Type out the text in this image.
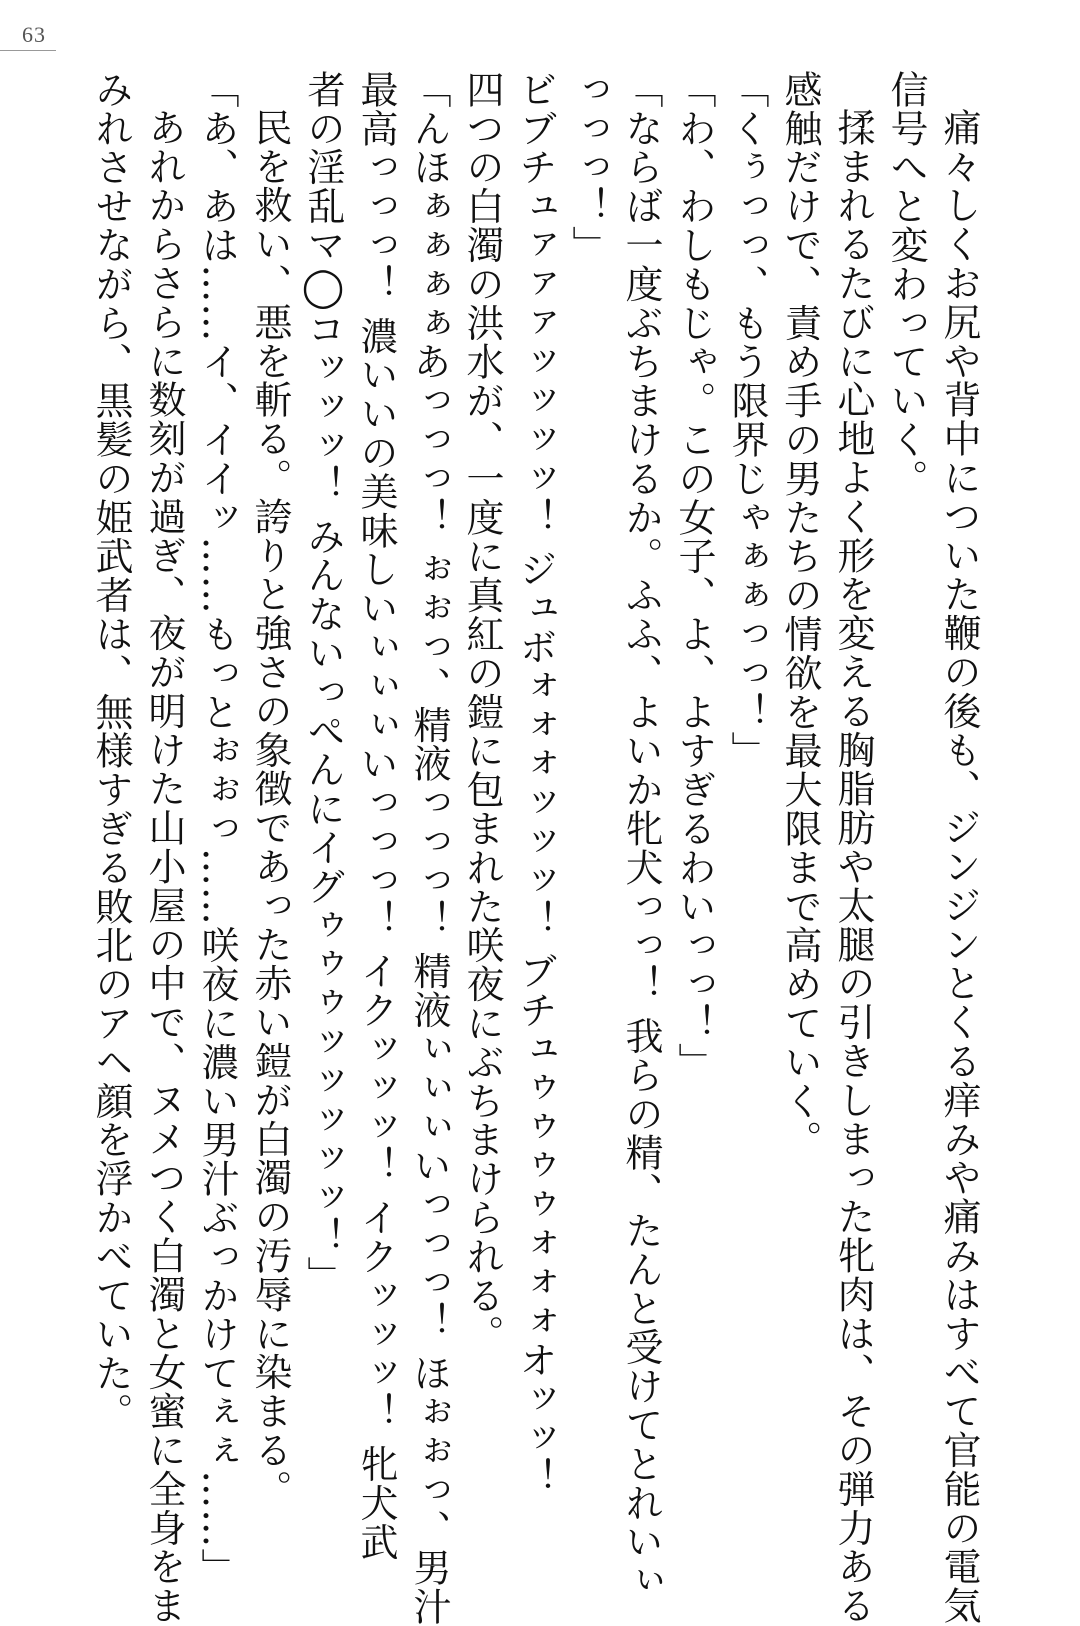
63
痛々しくお尻や背中についた鞭の後も、ジンジンとくる痒みや痛みはすべて官能の電気
信号へと変わっていく。
揉まれるたびに心地よく形を変える胸脂肪や太腿の引きしまった牝肉は、その弾力ある
感触だけで、責め手の男たちの情欲を最大限まで高めていく。
「くぅっっ、もう限界じゃぁぁっっ！」
「わ、わしもじゃ。この女子、よ、よすぎるわいっっ！」
「ならば一度ぶちまけるか。ふふ、よいか牝犬っっ！ 我らの精、たんと受けてとれいぃ
っっっ！」
ビブチュァァァッッッッ！ ジュボォォォッッッ！ ブチュゥゥゥゥォォォオッッ！
四つの白濁の洪水が、一度に真紅の鎧に包まれた咲夜にぶちまけられる。
「んほぁぁぁぁあっっっ！ ぉぉっ、精液っっっ！ 精液ぃぃぃいっっっ！ ほぉぉっ、男汁
最高っっっ！ 濃いいの美味しいぃぃぃいっっっ！ イクッッッ！ イクッッッ！ 牝犬武
者の淫乱マ◯コッッッ！ みんないっぺんにイグゥゥゥッッッッッ！」
民を救い、悪を斬る。誇りと強さの象徴であった赤い鎧が白濁の汚辱に染まる。
「あ、あは……イ、イイッ……もっとぉぉっ……咲夜に濃い男汁ぶっかけてぇぇ……」
あれからさらに数刻が過ぎ、夜が明けた山小屋の中で、ヌメつく白濁と女蜜に全身をま
みれさせながら、黒髪の姫武者は、無様すぎる敗北のアヘ顔を浮かべていた。
